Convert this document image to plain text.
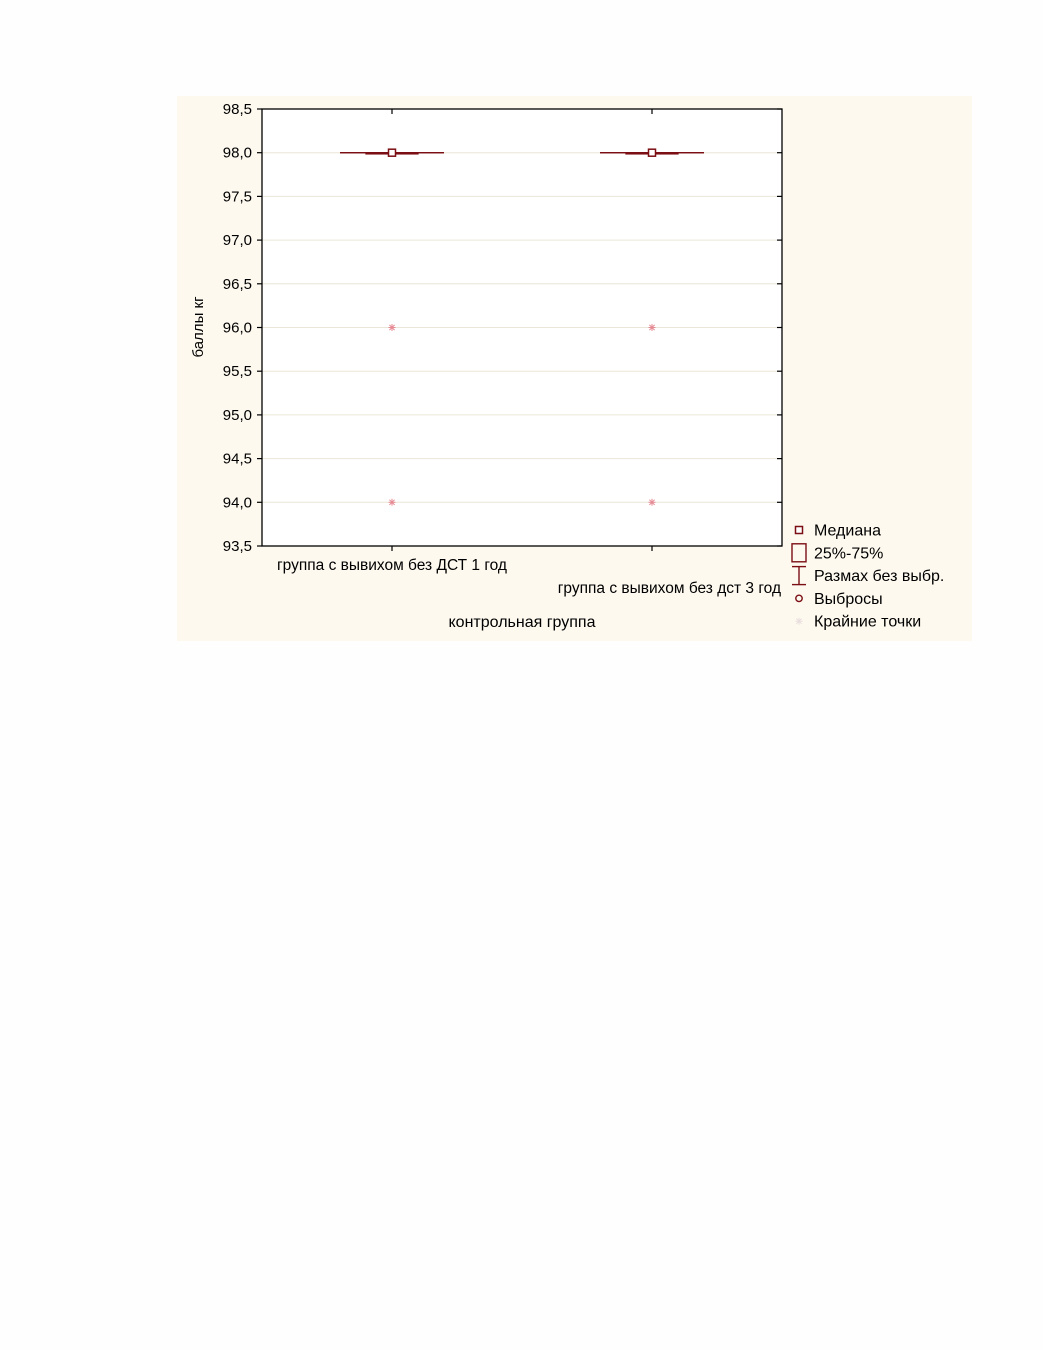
93,5
94,0
94,5
95,0
95,5
96,0
96,5
97,0
97,5
98,0
98,5
группа с вывихом без ДСТ 1 год
группа с вывихом без дст 3 год
баллы кг
контрольная группа
Медиана
25%-75%
Размах без выбр.
Выбросы
Крайние точки
